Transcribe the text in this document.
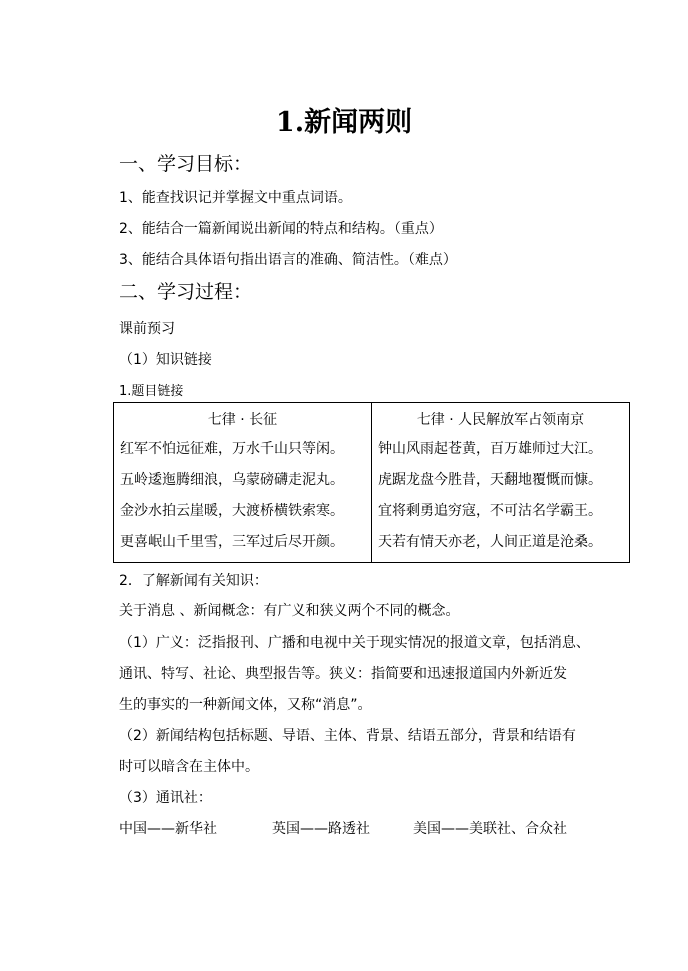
1.新闻两则
一、学习目标：
1、能查找识记并掌握文中重点词语。
2、能结合一篇新闻说出新闻的特点和结构。（重点）
3、能结合具体语句指出语言的准确、简洁性。（难点）
二、学习过程：
课前预习
（1）知识链接
1.题目链接
七律 · 长征
红军不怕远征难，万水千山只等闲。
五岭逶迤腾细浪，乌蒙磅礴走泥丸。
金沙水拍云崖暖，大渡桥横铁索寒。
更喜岷山千里雪，三军过后尽开颜。

七律 · 人民解放军占领南京
钟山风雨起苍黄，百万雄师过大江。
虎踞龙盘今胜昔，天翻地覆慨而慷。
宜将剩勇追穷寇，不可沽名学霸王。
天若有情天亦老，人间正道是沧桑。
2．了解新闻有关知识：
关于消息 、新闻概念：有广义和狭义两个不同的概念。
（1）广义：泛指报刊、广播和电视中关于现实情况的报道文章，包括消息、
通讯、特写、社论、典型报告等。狭义：指简要和迅速报道国内外新近发
生的事实的一种新闻文体，又称“消息”。
（2）新闻结构包括标题、导语、主体、背景、结语五部分，背景和结语有
时可以暗含在主体中。
（3）通讯社：
中国——新华社	英国——路透社	美国——美联社、合众社
